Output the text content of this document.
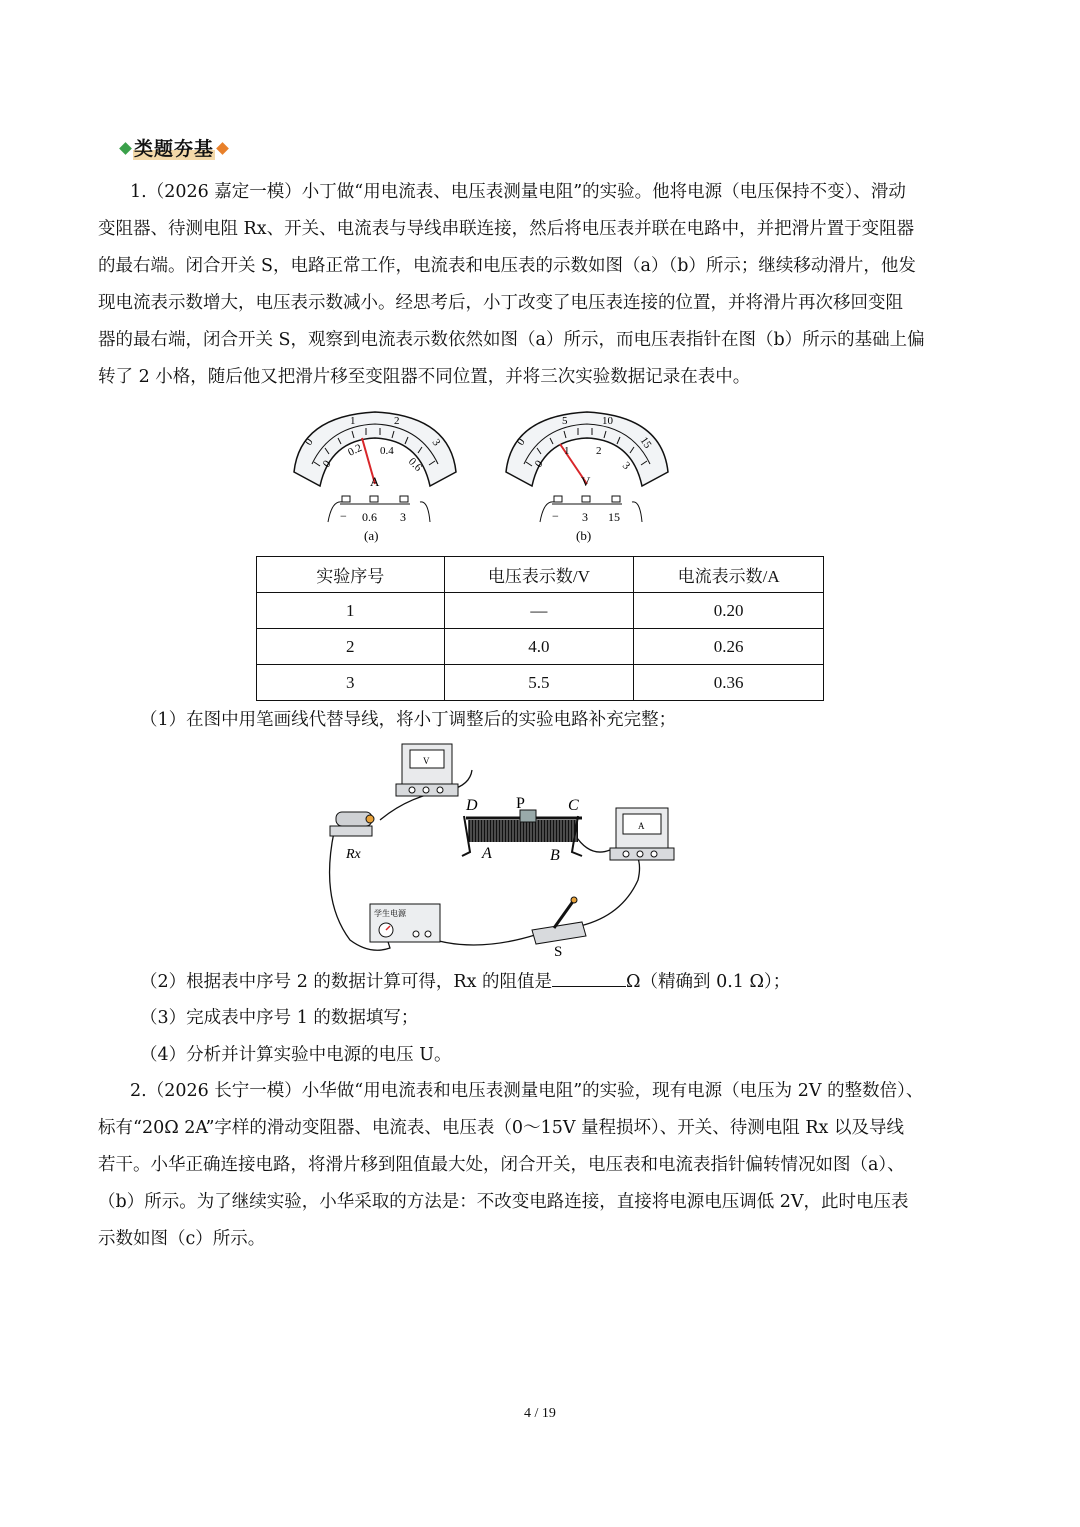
类题夯基

1.（2026 嘉定一模）小丁做“用电流表、电压表测量电阻”的实验。他将电源（电压保持不变）、滑动

变阻器、待测电阻 Rx、开关、电流表与导线串联连接，然后将电压表并联在电路中，并把滑片置于变阻器

的最右端。闭合开关 S，电路正常工作，电流表和电压表的示数如图（a）（b）所示；继续移动滑片，他发

现电流表示数增大，电压表示数减小。经思考后，小丁改变了电压表连接的位置，并将滑片再次移回变阻

器的最右端，闭合开关 S，观察到电流表示数依然如图（a）所示，而电压表指针在图（b）所示的基础上偏

转了 2 小格，随后他又把滑片移至变阻器不同位置，并将三次实验数据记录在表中。

0
1	2
3
0
0.2 0.4
0.6
A
− 0.6 3
(a)
0
5	10
15
0
1 2
3
V
− 3 15
(b)
实验序号	电压表示数/V	电流表示数/A
1	—	0.20
2	4.0	0.26
3	5.5	0.36
（1）在图中用笔画线代替导线，将小丁调整后的实验电路补充完整；
V
Rx
D P	C
A	B
A
学生电源
S
（2）根据表中序号 2 的数据计算可得，Rx 的阻值是	Ω（精确到 0.1 Ω）；
（3）完成表中序号 1 的数据填写；
（4）分析并计算实验中电源的电压 U。

2.（2026 长宁一模）小华做“用电流表和电压表测量电阻”的实验，现有电源（电压为 2V 的整数倍）、

标有“20Ω 2A”字样的滑动变阻器、电流表、电压表（0～15V 量程损坏）、开关、待测电阻 Rx 以及导线

若干。小华正确连接电路，将滑片移到阻值最大处，闭合开关，电压表和电流表指针偏转情况如图（a）、

（b）所示。为了继续实验，小华采取的方法是：不改变电路连接，直接将电源电压调低 2V，此时电压表

示数如图（c）所示。

4 / 19
